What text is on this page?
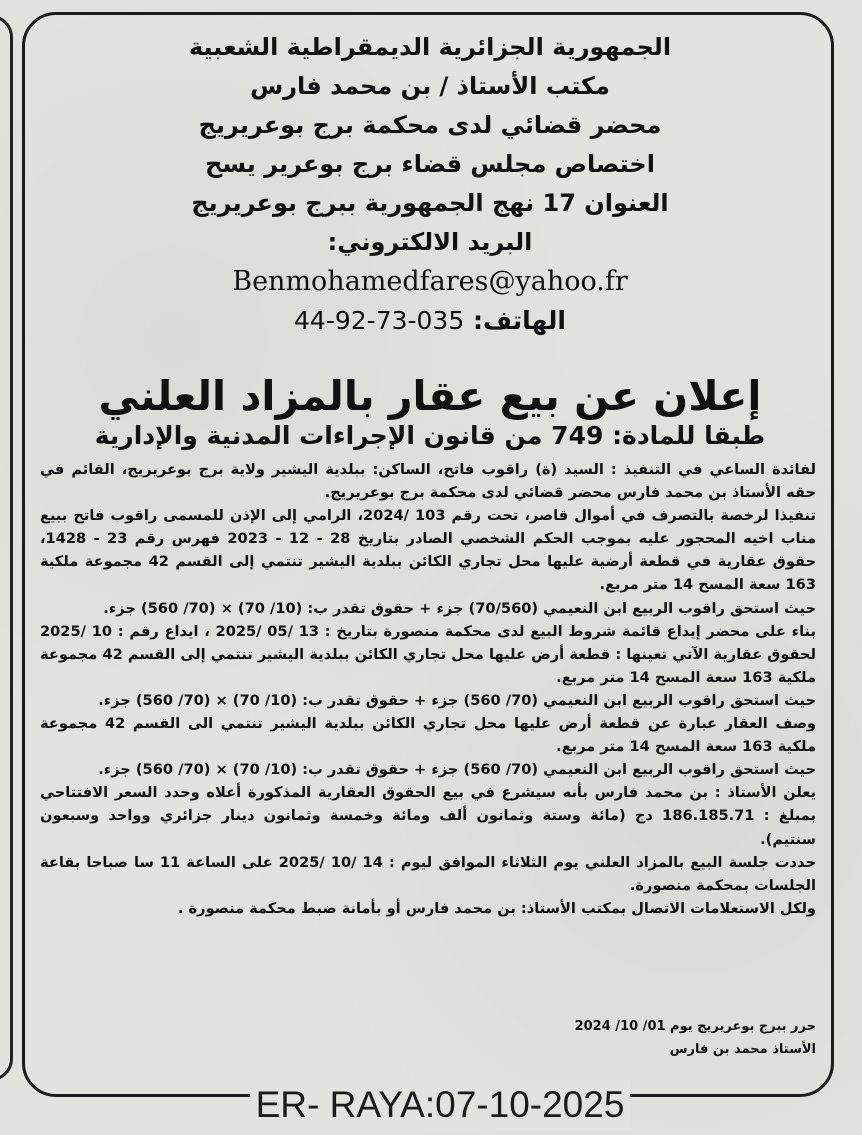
الجمهورية الجزائرية الديمقراطية الشعبية
مكتب الأستاذ / بن محمد فارس
محضر قضائي لدى محكمة برج بوعريريج
اختصاص مجلس قضاء برج بوعرير يسح
العنوان 17 نهج الجمهورية ببرج بوعريريج
البريد الالكتروني:
Benmohamedfares@yahoo.fr
الهاتف: 035-73-92-44
إعلان عن بيع عقار بالمزاد العلني
طبقا للمادة: 749 من قانون الإجراءات المدنية والإدارية

لفائدة الساعي في التنفيذ : السيد (ة) راقوب فاتح، الساكن: ببلدية اليشير ولاية برج بوعريريج، القائم في حقه الأستاذ بن محمد فارس محضر قضائي لدى محكمة برج بوعريريج.

تنفيذا لرخصة بالتصرف في أموال قاصر، تحت رقم 103 /2024، الرامي إلى الإذن للمسمى راقوب فاتح ببيع مناب اخيه المحجور عليه بموجب الحكم الشخصي الصادر بتاريخ 28 - 12 - 2023 فهرس رقم 23 - 1428، حقوق عقارية في قطعة أرضية عليها محل تجاري الكائن ببلدية اليشير تنتمي إلى القسم 42 مجموعة ملكية 163 سعة المسح 14 متر مربع.

حيث استحق راقوب الربيع ابن النعيمي (70/560) جزء + حقوق تقدر ب: (10/ 70) × (70/ 560) جزء.

بناء على محضر إيداع قائمة شروط البيع لدى محكمة منصورة بتاريخ : 13 /05 /2025 ، ايداع رقم : 10 /2025 لحقوق عقارية الآتي تعينها : قطعة أرض عليها محل تجاري الكائن ببلدية اليشير تنتمي إلى القسم 42 مجموعة ملكية 163 سعة المسح 14 متر مربع.

حيث استحق راقوب الربيع ابن النعيمي (70/ 560) جزء + حقوق تقدر ب: (10/ 70) × (70/ 560) جزء.

وصف العقار عبارة عن قطعة أرض عليها محل تجاري الكائن ببلدية اليشير تنتمي الى القسم 42 مجموعة ملكية 163 سعة المسح 14 متر مربع.

حيث استحق راقوب الربيع ابن النعيمي (70/ 560) جزء + حقوق تقدر ب: (10/ 70) × (70/ 560) جزء.

يعلن الأستاذ : بن محمد فارس بأنه سيشرع في بيع الحقوق العقارية المذكورة أعلاه وحدد السعر الافتتاحي بمبلغ : 186.185.71 دج (مائة وستة وثمانون ألف ومائة وخمسة وثمانون دينار جزائري وواحد وسبعون سنتيم).

حددت جلسة البيع بالمزاد العلني يوم الثلاثاء الموافق ليوم : 14 /10 /2025 على الساعة 11 سا صباحا بقاعة الجلسات بمحكمة منصورة.

ولكل الاستعلامات الاتصال بمكتب الأستاذ: بن محمد فارس أو بأمانة ضبط محكمة منصورة .

حرر ببرج بوعريريج يوم 01/ 10/ 2024
الأستاذ محمد بن فارس
ER- RAYA:07-10-2025
